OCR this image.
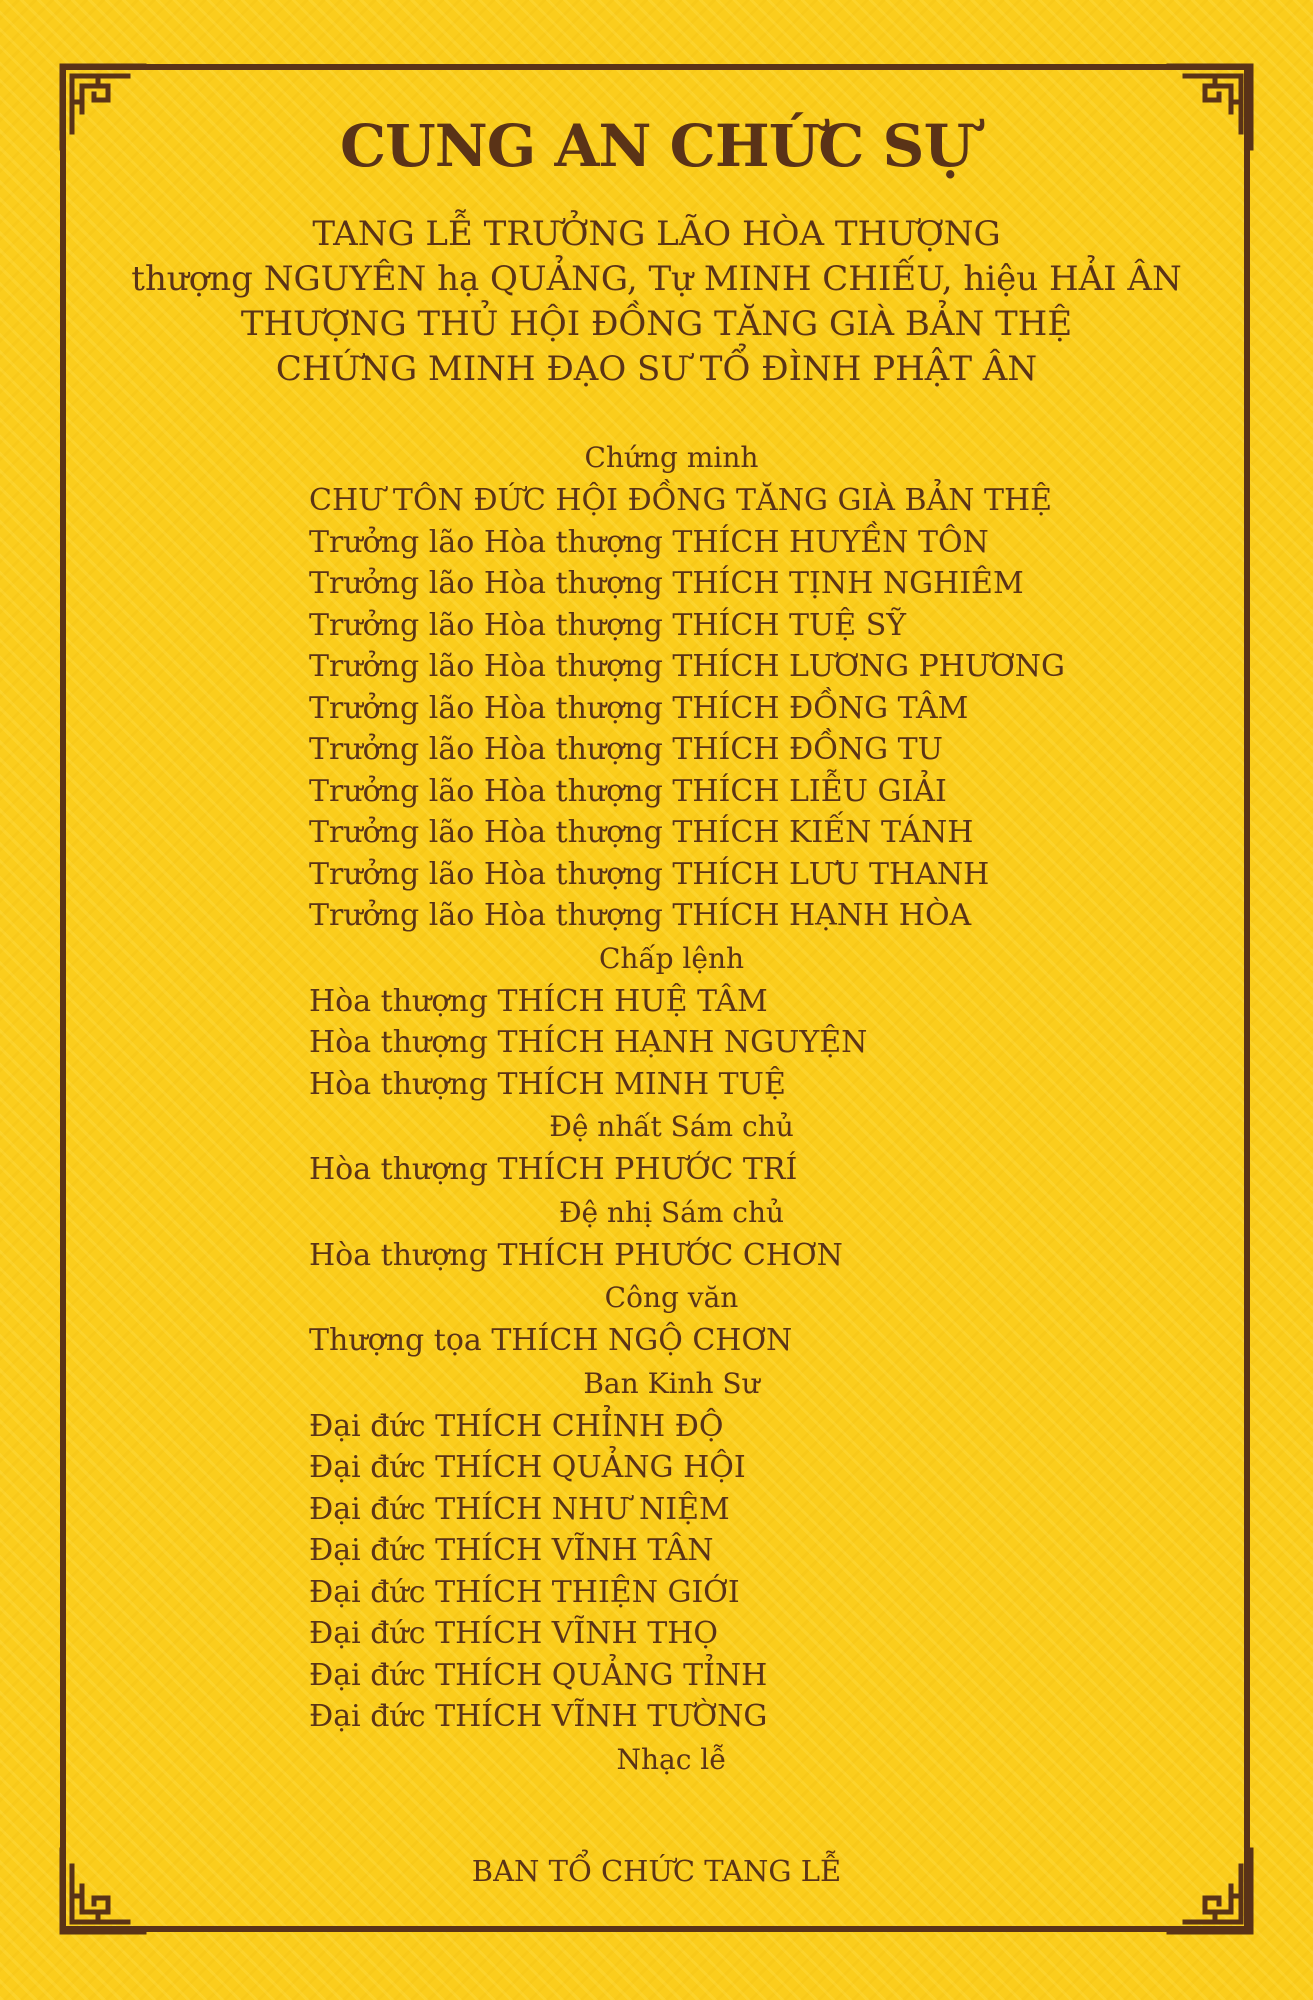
CUNG AN CHỨC SỰ
TANG LỄ TRƯỞNG LÃO HÒA THƯỢNG
thượng NGUYÊN hạ QUẢNG, Tự MINH CHIẾU, hiệu HẢI ÂN
THƯỢNG THỦ HỘI ĐỒNG TĂNG GIÀ BẢN THỆ
CHỨNG MINH ĐẠO SƯ TỔ ĐÌNH PHẬT ÂN
Chứng minh
CHƯ TÔN ĐỨC HỘI ĐỒNG TĂNG GIÀ BẢN THỆ
Trưởng lão Hòa thượng THÍCH HUYỀN TÔN
Trưởng lão Hòa thượng THÍCH TỊNH NGHIÊM
Trưởng lão Hòa thượng THÍCH TUỆ SỸ
Trưởng lão Hòa thượng THÍCH LƯƠNG PHƯƠNG
Trưởng lão Hòa thượng THÍCH ĐỒNG TÂM
Trưởng lão Hòa thượng THÍCH ĐỒNG TU
Trưởng lão Hòa thượng THÍCH LIỄU GIẢI
Trưởng lão Hòa thượng THÍCH KIẾN TÁNH
Trưởng lão Hòa thượng THÍCH LƯU THANH
Trưởng lão Hòa thượng THÍCH HẠNH HÒA
Chấp lệnh
Hòa thượng THÍCH HUỆ TÂM
Hòa thượng THÍCH HẠNH NGUYỆN
Hòa thượng THÍCH MINH TUỆ
Đệ nhất Sám chủ
Hòa thượng THÍCH PHƯỚC TRÍ
Đệ nhị Sám chủ
Hòa thượng THÍCH PHƯỚC CHƠN
Công văn
Thượng tọa THÍCH NGỘ CHƠN
Ban Kinh Sư
Đại đức THÍCH CHỈNH ĐỘ
Đại đức THÍCH QUẢNG HỘI
Đại đức THÍCH NHƯ NIỆM
Đại đức THÍCH VĨNH TÂN
Đại đức THÍCH THIỆN GIỚI
Đại đức THÍCH VĨNH THỌ
Đại đức THÍCH QUẢNG TỈNH
Đại đức THÍCH VĨNH TƯỜNG
Nhạc lễ
BAN TỔ CHỨC TANG LỄ
